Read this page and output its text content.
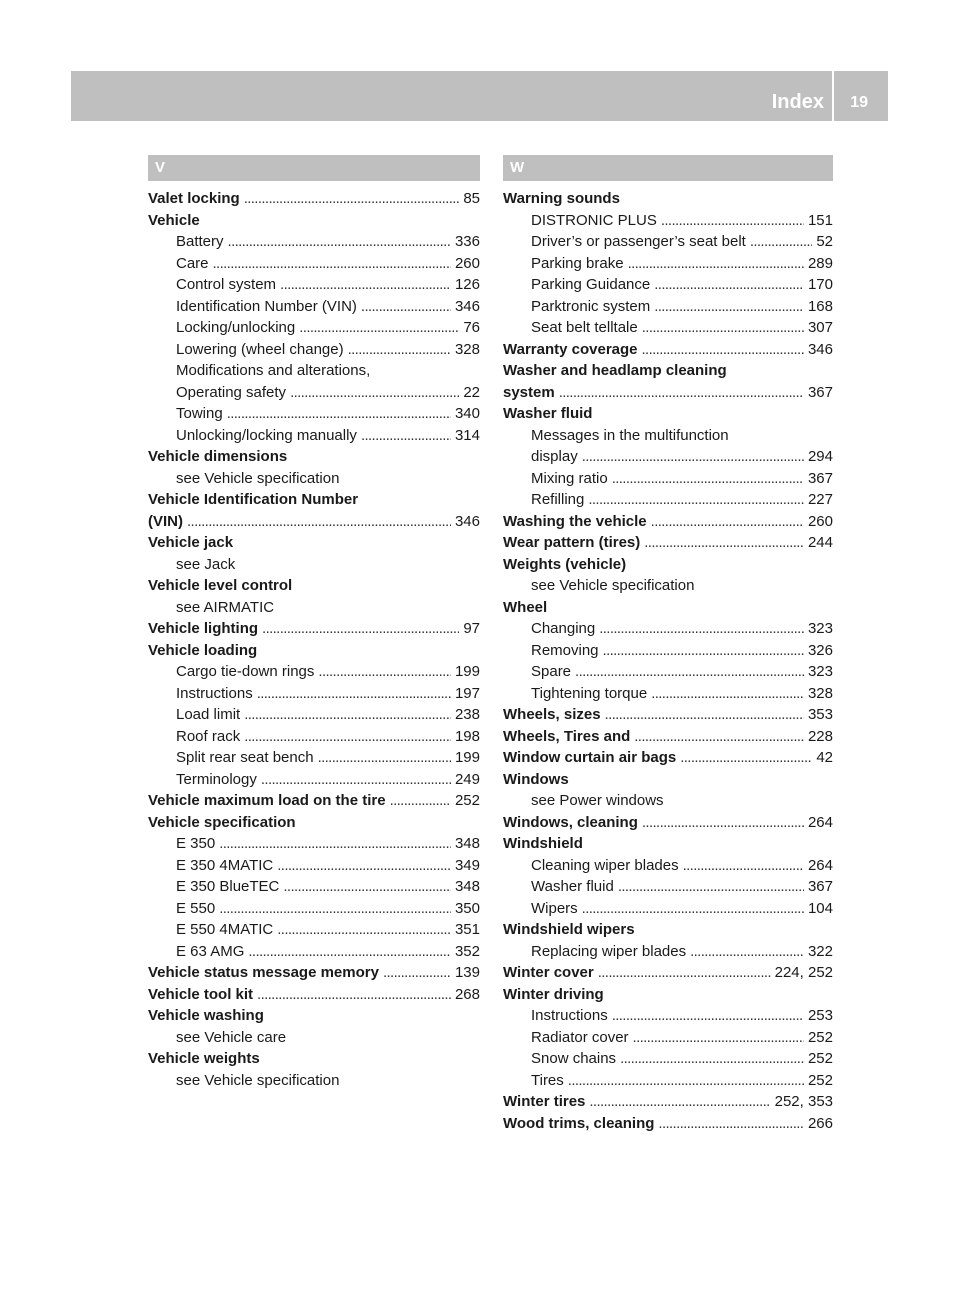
Index 19
V
Valet locking . . .	85
Vehicle
Battery . . .	336
Care . . .	260
Control system . . .	126
Identification Number (VIN) . . .	346
Locking/unlocking . . .	76
Lowering (wheel change) . . .	328
Modifications and alterations,
Operating safety . . .	22
Towing . . .	340
Unlocking/locking manually . . .	314
Vehicle dimensions
see Vehicle specification
Vehicle Identification Number
(VIN) . . .	346
Vehicle jack
see Jack
Vehicle level control
see AIRMATIC
Vehicle lighting . . .	97
Vehicle loading
Cargo tie-down rings . . .	199
Instructions . . .	197
Load limit . . .	238
Roof rack . . .	198
Split rear seat bench . . .	199
Terminology . . .	249
Vehicle maximum load on the tire . . .	252
Vehicle specification
E 350 . . .	348
E 350 4MATIC . . .	349
E 350 BlueTEC . . .	348
E 550 . . .	350
E 550 4MATIC . . .	351
E 63 AMG . . .	352
Vehicle status message memory . . .	139
Vehicle tool kit . . .	268
Vehicle washing
see Vehicle care
Vehicle weights
see Vehicle specification
W
Warning sounds
DISTRONIC PLUS . . .	151
Driver’s or passenger’s seat belt . . .	52
Parking brake . . .	289
Parking Guidance . . .	170
Parktronic system . . .	168
Seat belt telltale . . .	307
Warranty coverage . . .	346
Washer and headlamp cleaning
system . . .	367
Washer fluid
Messages in the multifunction
display . . .	294
Mixing ratio . . .	367
Refilling . . .	227
Washing the vehicle . . .	260
Wear pattern (tires) . . .	244
Weights (vehicle)
see Vehicle specification
Wheel
Changing . . .	323
Removing . . .	326
Spare . . .	323
Tightening torque . . .	328
Wheels, sizes . . .	353
Wheels, Tires and . . .	228
Window curtain air bags . . .	42
Windows
see Power windows
Windows, cleaning . . .	264
Windshield
Cleaning wiper blades . . .	264
Washer fluid . . .	367
Wipers . . .	104
Windshield wipers
Replacing wiper blades . . .	322
Winter cover . . .	224, 252
Winter driving
Instructions . . .	253
Radiator cover . . .	252
Snow chains . . .	252
Tires . . .	252
Winter tires . . .	252, 353
Wood trims, cleaning . . .	266
